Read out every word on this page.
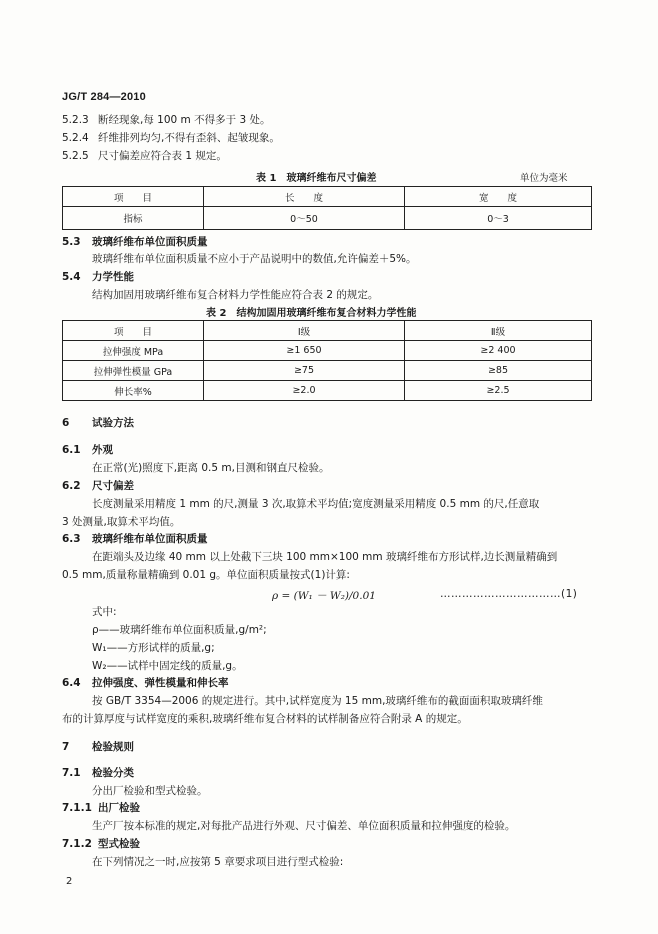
JG/T 284—2010
5.2.3 断经现象,每 100 m 不得多于 3 处。
5.2.4 纤维排列均匀,不得有歪斜、起皱现象。
5.2.5 尺寸偏差应符合表 1 规定。
表 1　玻璃纤维布尺寸偏差	单位为毫米
项　　目	长　　度	宽　　度
指标	0～50	0～3
5.3 玻璃纤维布单位面积质量
玻璃纤维布单位面积质量不应小于产品说明中的数值,允许偏差＋5%。
5.4 力学性能
结构加固用玻璃纤维布复合材料力学性能应符合表 2 的规定。
表 2　结构加固用玻璃纤维布复合材料力学性能
项　　目	Ⅰ级	Ⅱ级
拉伸强度 MPa	≥1 650	≥2 400
拉伸弹性模量 GPa	≥75	≥85
伸长率%	≥2.0	≥2.5
6 试验方法
6.1 外观
在正常(光)照度下,距离 0.5 m,目测和钢直尺检验。
6.2 尺寸偏差
长度测量采用精度 1 mm 的尺,测量 3 次,取算术平均值;宽度测量采用精度 0.5 mm 的尺,任意取
3 处测量,取算术平均值。
6.3 玻璃纤维布单位面积质量
在距端头及边缘 40 mm 以上处截下三块 100 mm×100 mm 玻璃纤维布方形试样,边长测量精确到
0.5 mm,质量称量精确到 0.01 g。单位面积质量按式(1)计算:
ρ = (W₁ － W₂)/0.01	……………………………(1)
式中:
ρ——玻璃纤维布单位面积质量,g/m²;
W₁——方形试样的质量,g;
W₂——试样中固定线的质量,g。
6.4 拉伸强度、弹性模量和伸长率
按 GB/T 3354—2006 的规定进行。其中,试样宽度为 15 mm,玻璃纤维布的截面面积取玻璃纤维
布的计算厚度与试样宽度的乘积,玻璃纤维布复合材料的试样制备应符合附录 A 的规定。
7 检验规则
7.1 检验分类
分出厂检验和型式检验。
7.1.1 出厂检验
生产厂按本标准的规定,对每批产品进行外观、尺寸偏差、单位面积质量和拉伸强度的检验。
7.1.2 型式检验
在下列情况之一时,应按第 5 章要求项目进行型式检验:
2
